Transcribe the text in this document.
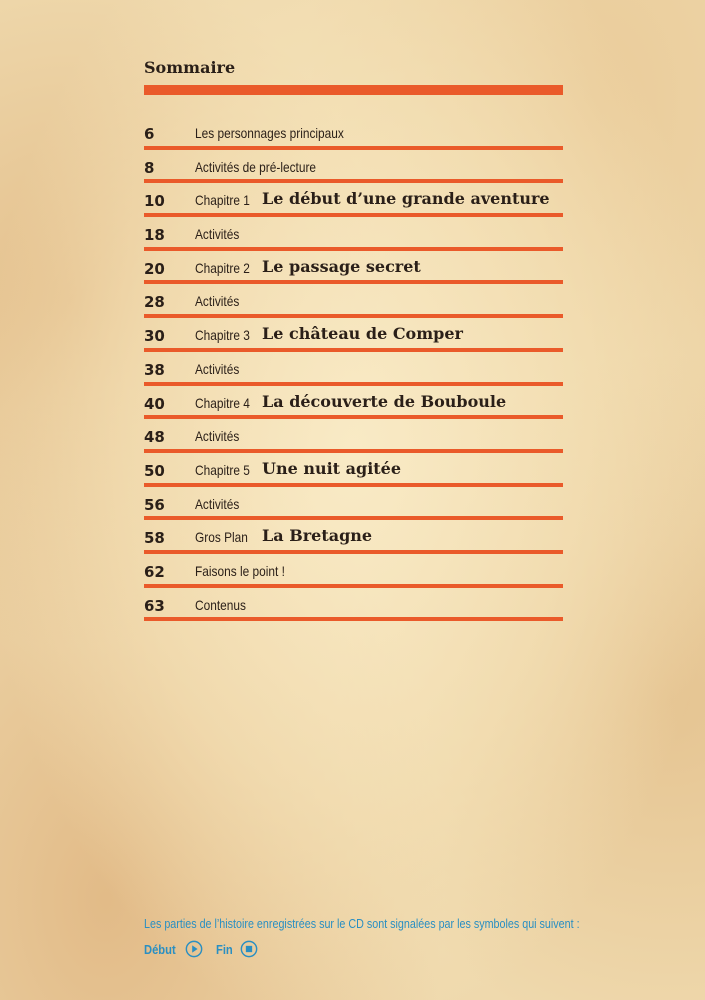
Sommaire
6	Les personnages principaux
8	Activités de pré-lecture
10 Chapitre 1 Le début d’une grande aventure
18 Activités
20 Chapitre 2 Le passage secret
28 Activités
30 Chapitre 3 Le château de Comper
38 Activités
40 Chapitre 4 La découverte de Bouboule
48 Activités
50 Chapitre 5 Une nuit agitée
56 Activités
58 Gros Plan La Bretagne
62 Faisons le point !
63 Contenus
Les parties de l’histoire enregistrées sur le CD sont signalées par les symboles qui suivent :
Début	Fin
